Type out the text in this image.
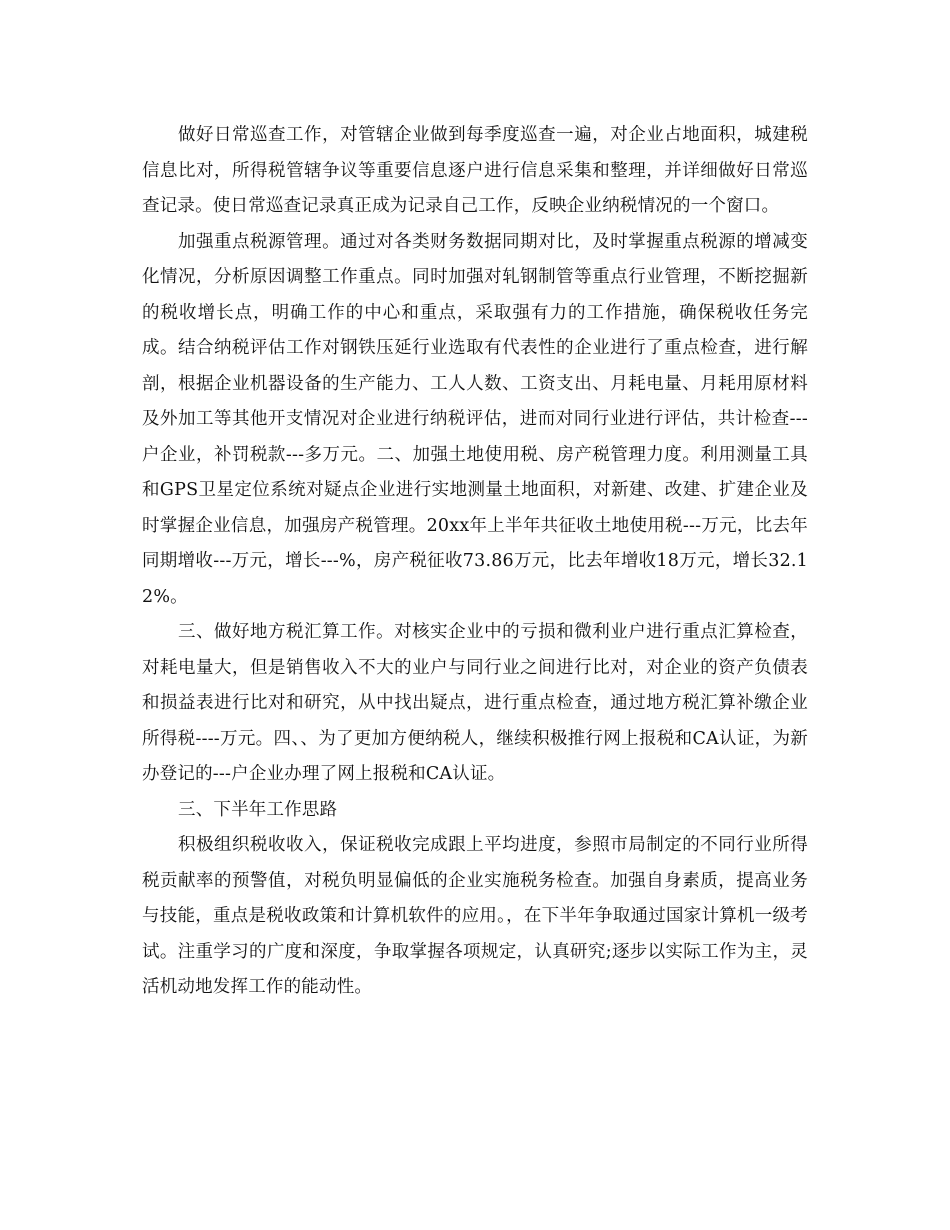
做好日常巡查工作，对管辖企业做到每季度巡查一遍，对企业占地面积，城建税信息比对，所得税管辖争议等重要信息逐户进行信息采集和整理，并详细做好日常巡查记录。使日常巡查记录真正成为记录自己工作，反映企业纳税情况的一个窗口。

加强重点税源管理。通过对各类财务数据同期对比，及时掌握重点税源的增减变化情况，分析原因调整工作重点。同时加强对轧钢制管等重点行业管理，不断挖掘新的税收增长点，明确工作的中心和重点，采取强有力的工作措施，确保税收任务完成。结合纳税评估工作对钢铁压延行业选取有代表性的企业进行了重点检查，进行解剖，根据企业机器设备的生产能力、工人人数、工资支出、月耗电量、月耗用原材料及外加工等其他开支情况对企业进行纳税评估，进而对同行业进行评估，共计检查---户企业，补罚税款---多万元。二、加强土地使用税、房产税管理力度。利用测量工具和GPS卫星定位系统对疑点企业进行实地测量土地面积，对新建、改建、扩建企业及时掌握企业信息，加强房产税管理。20xx年上半年共征收土地使用税---万元，比去年同期增收---万元，增长---%，房产税征收73.86万元，比去年增收18万元，增长32.12%。

三、做好地方税汇算工作。对核实企业中的亏损和微利业户进行重点汇算检查，对耗电量大，但是销售收入不大的业户与同行业之间进行比对，对企业的资产负债表和损益表进行比对和研究，从中找出疑点，进行重点检查，通过地方税汇算补缴企业所得税----万元。四、、为了更加方便纳税人，继续积极推行网上报税和CA认证，为新办登记的---户企业办理了网上报税和CA认证。

三、下半年工作思路

积极组织税收收入，保证税收完成跟上平均进度，参照市局制定的不同行业所得税贡献率的预警值，对税负明显偏低的企业实施税务检查。加强自身素质，提高业务与技能，重点是税收政策和计算机软件的应用。，在下半年争取通过国家计算机一级考试。注重学习的广度和深度，争取掌握各项规定，认真研究;逐步以实际工作为主，灵活机动地发挥工作的能动性。
